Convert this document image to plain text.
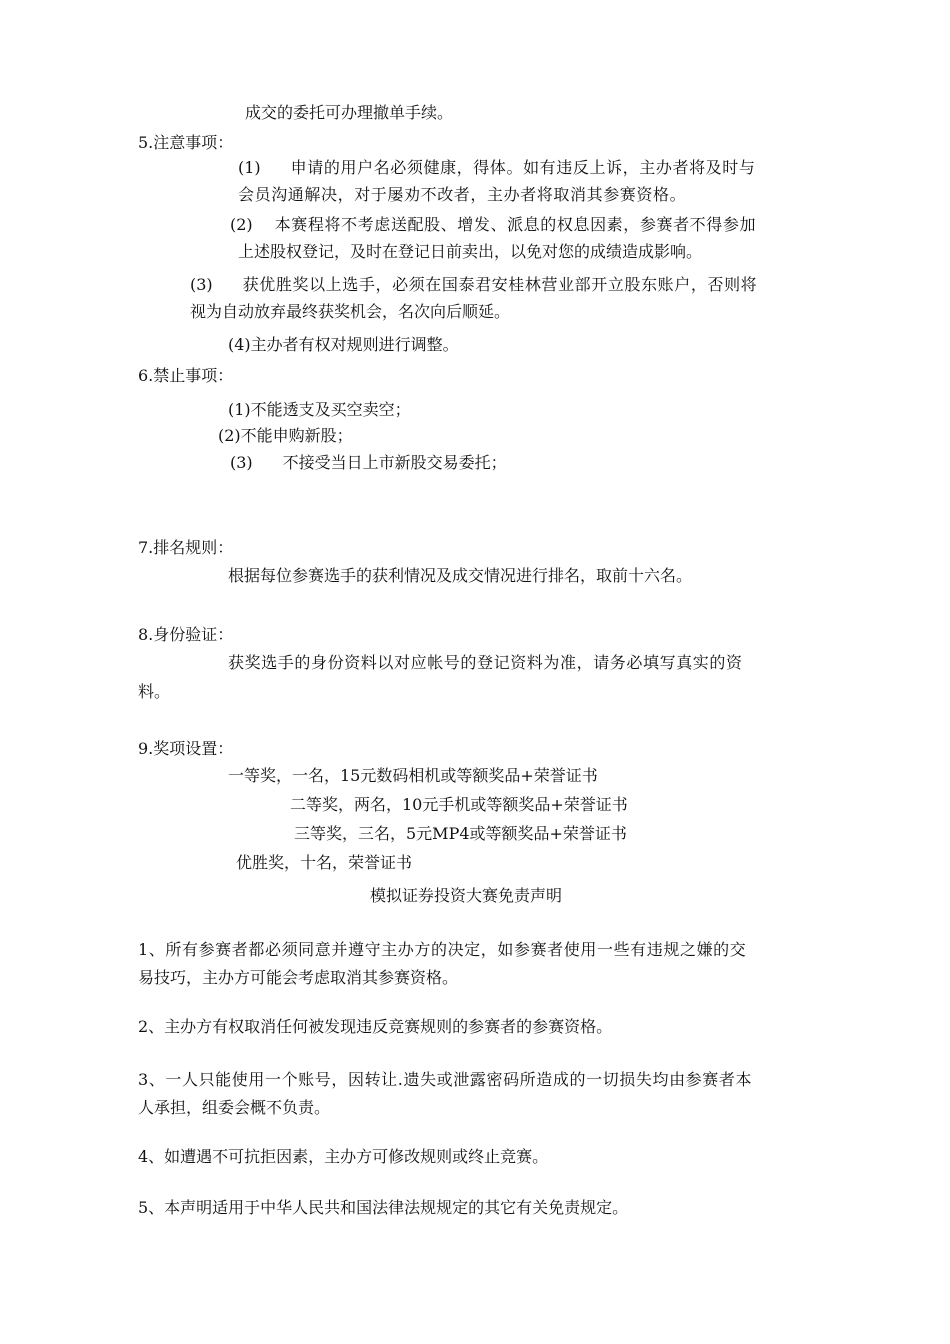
成交的委托可办理撤单手续。
5.注意事项：
(1) 申请的用户名必须健康，得体。如有违反上诉，主办者将及时与
会员沟通解决，对于屡劝不改者，主办者将取消其参赛资格。
(2) 本赛程将不考虑送配股、增发、派息的权息因素，参赛者不得参加
上述股权登记，及时在登记日前卖出，以免对您的成绩造成影响。
(3) 获优胜奖以上选手，必须在国泰君安桂林营业部开立股东账户，否则将
视为自动放弃最终获奖机会，名次向后顺延。
(4)主办者有权对规则进行调整。
6.禁止事项：
(1)不能透支及买空卖空；
(2)不能申购新股；
(3) 不接受当日上市新股交易委托；
7.排名规则：
根据每位参赛选手的获利情况及成交情况进行排名，取前十六名。
8.身份验证：
获奖选手的身份资料以对应帐号的登记资料为准，请务必填写真实的资
料。
9.奖项设置：
一等奖，一名，15元数码相机或等额奖品+荣誉证书
二等奖，两名，10元手机或等额奖品+荣誉证书
三等奖，三名，5元MP4或等额奖品+荣誉证书
优胜奖，十名，荣誉证书
模拟证券投资大赛免责声明
1、所有参赛者都必须同意并遵守主办方的决定，如参赛者使用一些有违规之嫌的交
易技巧，主办方可能会考虑取消其参赛资格。
2、主办方有权取消任何被发现违反竞赛规则的参赛者的参赛资格。
3、一人只能使用一个账号，因转让.遗失或泄露密码所造成的一切损失均由参赛者本
人承担，组委会概不负责。
4、如遭遇不可抗拒因素，主办方可修改规则或终止竞赛。
5、本声明适用于中华人民共和国法律法规规定的其它有关免责规定。
